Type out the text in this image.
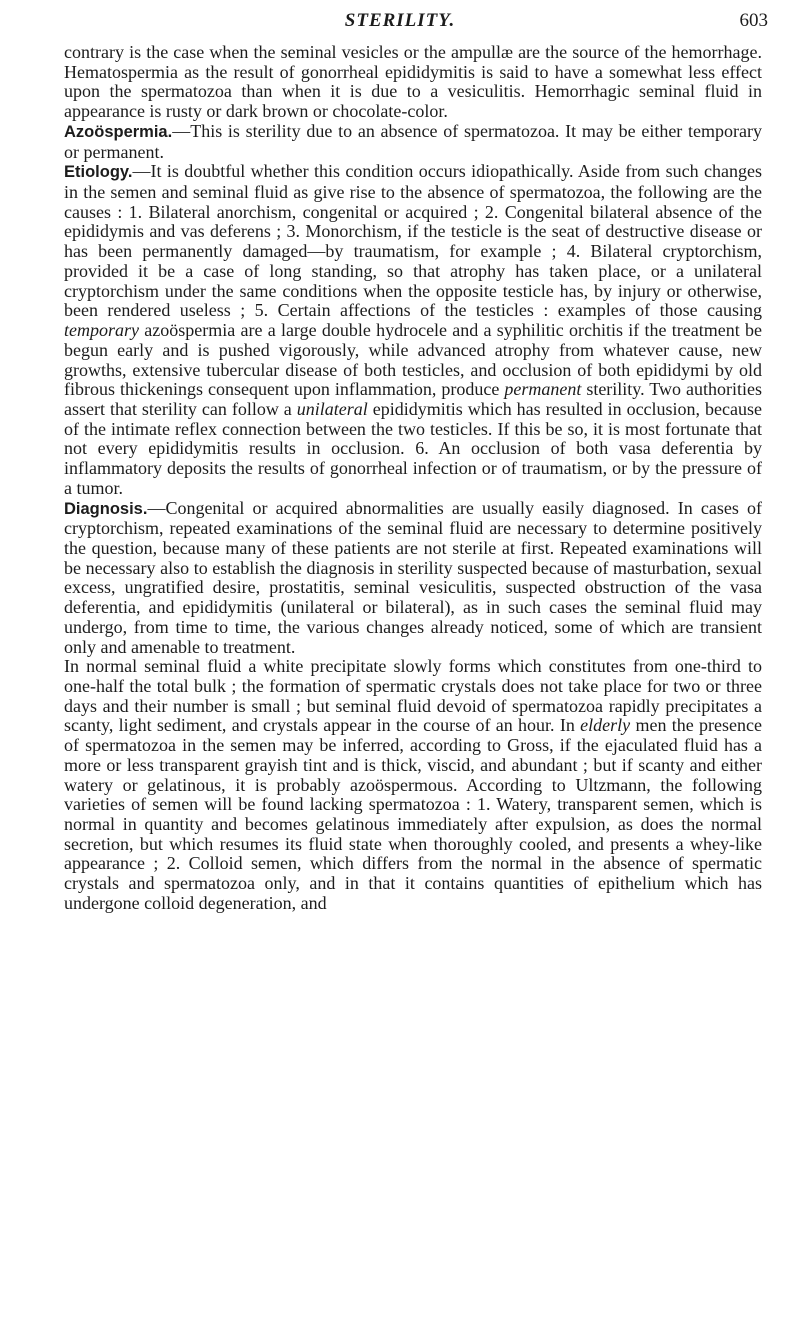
STERILITY.	603

contrary is the case when the seminal vesicles or the ampullæ are the source of the hemorrhage. Hematospermia as the result of gonorrheal epididymitis is said to have a somewhat less effect upon the spermatozoa than when it is due to a vesiculitis. Hemorrhagic seminal fluid in appearance is rusty or dark brown or chocolate-color.

Azoöspermia.—This is sterility due to an absence of spermatozoa. It may be either temporary or permanent.

Etiology.—It is doubtful whether this condition occurs idiopathically. Aside from such changes in the semen and seminal fluid as give rise to the absence of spermatozoa, the following are the causes : 1. Bilateral anorchism, congenital or acquired ; 2. Congenital bilateral absence of the epididymis and vas deferens ; 3. Monorchism, if the testicle is the seat of destructive disease or has been permanently damaged—by traumatism, for example ; 4. Bilateral cryptorchism, provided it be a case of long standing, so that atrophy has taken place, or a unilateral cryptorchism under the same conditions when the opposite testicle has, by injury or otherwise, been rendered useless ; 5. Certain affections of the testicles : examples of those causing temporary azoöspermia are a large double hydrocele and a syphilitic orchitis if the treatment be begun early and is pushed vigorously, while advanced atrophy from whatever cause, new growths, extensive tubercular disease of both testicles, and occlusion of both epididymi by old fibrous thickenings consequent upon inflammation, produce permanent sterility. Two authorities assert that sterility can follow a unilateral epididymitis which has resulted in occlusion, because of the intimate reflex connection between the two testicles. If this be so, it is most fortunate that not every epididymitis results in occlusion. 6. An occlusion of both vasa deferentia by inflammatory deposits the results of gonorrheal infection or of traumatism, or by the pressure of a tumor.

Diagnosis.—Congenital or acquired abnormalities are usually easily diagnosed. In cases of cryptorchism, repeated examinations of the seminal fluid are necessary to determine positively the question, because many of these patients are not sterile at first. Repeated examinations will be necessary also to establish the diagnosis in sterility suspected because of masturbation, sexual excess, ungratified desire, prostatitis, seminal vesiculitis, suspected obstruction of the vasa deferentia, and epididymitis (unilateral or bilateral), as in such cases the seminal fluid may undergo, from time to time, the various changes already noticed, some of which are transient only and amenable to treatment.

In normal seminal fluid a white precipitate slowly forms which constitutes from one-third to one-half the total bulk ; the formation of spermatic crystals does not take place for two or three days and their number is small ; but seminal fluid devoid of spermatozoa rapidly precipitates a scanty, light sediment, and crystals appear in the course of an hour. In elderly men the presence of spermatozoa in the semen may be inferred, according to Gross, if the ejaculated fluid has a more or less transparent grayish tint and is thick, viscid, and abundant ; but if scanty and either watery or gelatinous, it is probably azoöspermous. According to Ultzmann, the following varieties of semen will be found lacking spermatozoa : 1. Watery, transparent semen, which is normal in quantity and becomes gelatinous immediately after expulsion, as does the normal secretion, but which resumes its fluid state when thoroughly cooled, and presents a whey-like appearance ; 2. Colloid semen, which differs from the normal in the absence of spermatic crystals and spermatozoa only, and in that it contains quantities of epithelium which has undergone colloid degeneration, and
